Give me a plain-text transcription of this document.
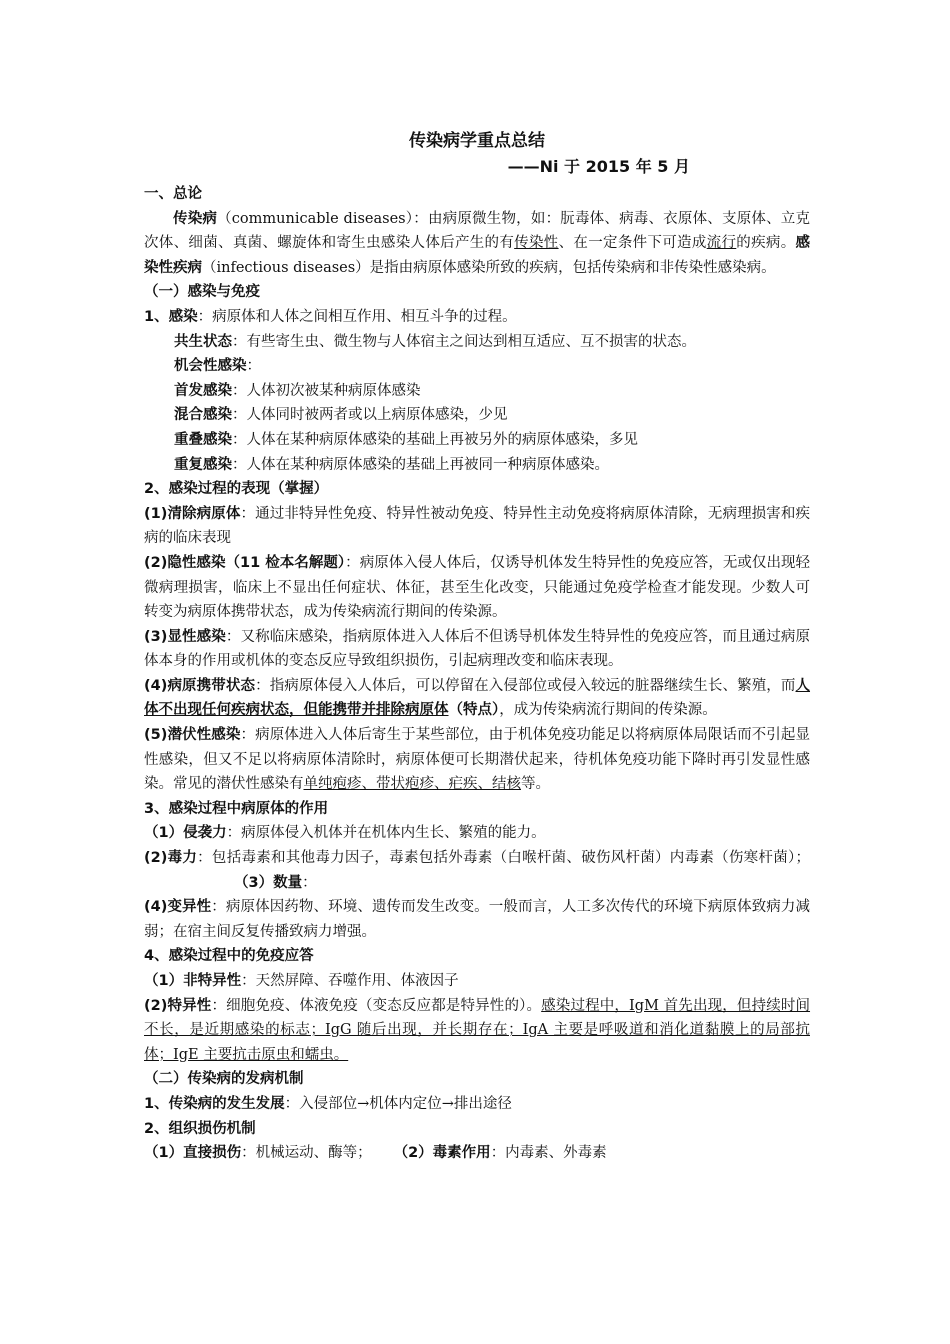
传染病学重点总结
——Ni 于 2015 年 5 月
一、总论

传染病（communicable diseases）：由病原微生物，如：朊毒体、病毒、衣原体、支原体、立克次体、细菌、真菌、螺旋体和寄生虫感染人体后产生的有传染性、在一定条件下可造成流行的疾病。感染性疾病（infectious diseases）是指由病原体感染所致的疾病，包括传染病和非传染性感染病。

（一）感染与免疫

1、感染：病原体和人体之间相互作用、相互斗争的过程。

共生状态：有些寄生虫、微生物与人体宿主之间达到相互适应、互不损害的状态。

机会性感染：

首发感染：人体初次被某种病原体感染

混合感染：人体同时被两者或以上病原体感染，少见

重叠感染：人体在某种病原体感染的基础上再被另外的病原体感染，多见

重复感染：人体在某种病原体感染的基础上再被同一种病原体感染。

2、感染过程的表现（掌握）

(1)清除病原体：通过非特异性免疫、特异性被动免疫、特异性主动免疫将病原体清除，无病理损害和疾病的临床表现

(2)隐性感染（11 检本名解题）：病原体入侵人体后，仅诱导机体发生特异性的免疫应答，无或仅出现轻微病理损害，临床上不显出任何症状、体征，甚至生化改变，只能通过免疫学检查才能发现。少数人可转变为病原体携带状态，成为传染病流行期间的传染源。

(3)显性感染：又称临床感染，指病原体进入人体后不但诱导机体发生特异性的免疫应答，而且通过病原体本身的作用或机体的变态反应导致组织损伤，引起病理改变和临床表现。

(4)病原携带状态：指病原体侵入人体后，可以停留在入侵部位或侵入较远的脏器继续生长、繁殖，而人体不出现任何疾病状态，但能携带并排除病原体（特点），成为传染病流行期间的传染源。

(5)潜伏性感染：病原体进入人体后寄生于某些部位，由于机体免疫功能足以将病原体局限话而不引起显性感染，但又不足以将病原体清除时，病原体便可长期潜伏起来，待机体免疫功能下降时再引发显性感染。常见的潜伏性感染有单纯疱疹、带状疱疹、疟疾、结核等。

3、感染过程中病原体的作用

（1）侵袭力：病原体侵入机体并在机体内生长、繁殖的能力。

(2)毒力：包括毒素和其他毒力因子，毒素包括外毒素（白喉杆菌、破伤风杆菌）内毒素（伤寒杆菌）；（3）数量：

(4)变异性：病原体因药物、环境、遗传而发生改变。一般而言，人工多次传代的环境下病原体致病力减弱；在宿主间反复传播致病力增强。

4、感染过程中的免疫应答

（1）非特异性：天然屏障、吞噬作用、体液因子

(2)特异性：细胞免疫、体液免疫（变态反应都是特异性的）。感染过程中，IgM 首先出现，但持续时间不长，是近期感染的标志；IgG 随后出现，并长期存在；IgA 主要是呼吸道和消化道黏膜上的局部抗体；IgE 主要抗击原虫和蠕虫。

（二）传染病的发病机制

1、传染病的发生发展：入侵部位→机体内定位→排出途径

2、组织损伤机制

（1）直接损伤：机械运动、酶等； （2）毒素作用：内毒素、外毒素
